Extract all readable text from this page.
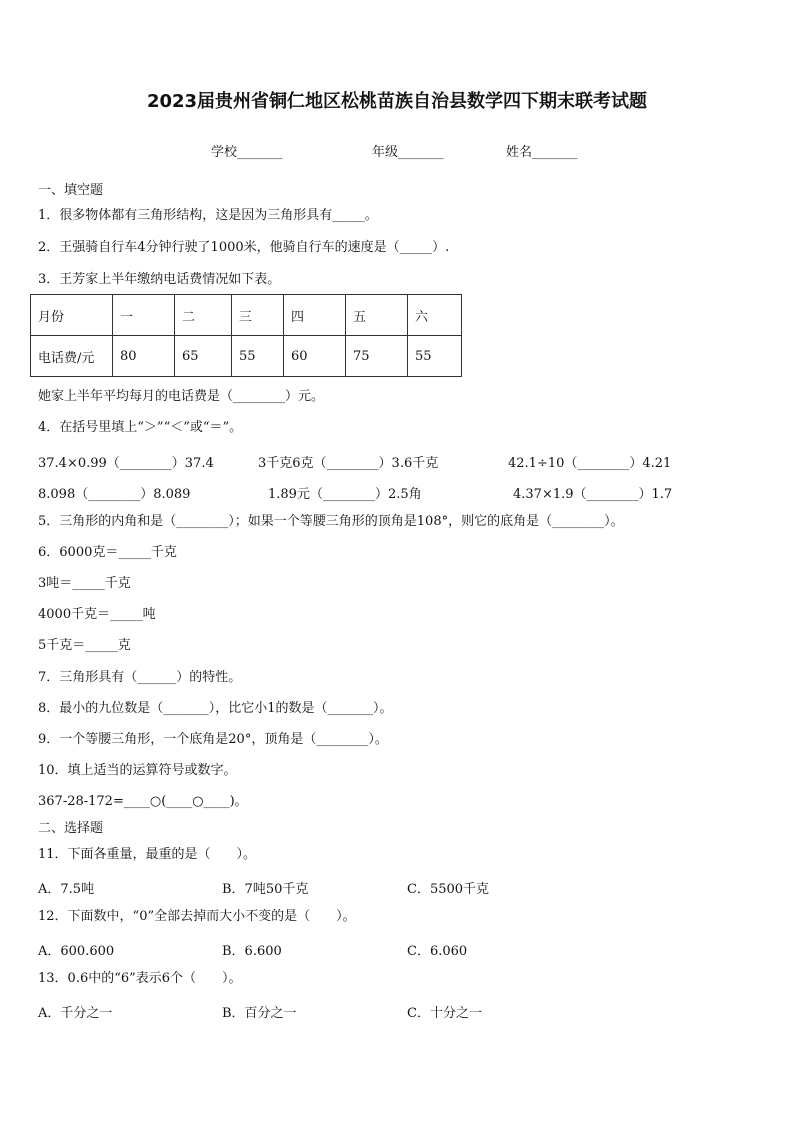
2023届贵州省铜仁地区松桃苗族自治县数学四下期末联考试题
学校_______	年级_______	姓名_______
一、填空题
1．很多物体都有三角形结构，这是因为三角形具有_____。
2．王强骑自行车4分钟行驶了1000米，他骑自行车的速度是（_____）.
3．王芳家上半年缴纳电话费情况如下表。
月份	一	二	三	四	五	六
电话费/元	80	65	55	60	75	55
她家上半年平均每月的电话费是（________）元。
4．在括号里填上“＞”“＜”或“＝”。
37.4×0.99（________）37.4	3千克6克（________）3.6千克	42.1÷10（________）4.21
8.098（________）8.089	1.89元（________）2.5角	4.37×1.9（________）1.7
5．三角形的内角和是（________）；如果一个等腰三角形的顶角是108°，则它的底角是（________）。
6．6000克＝_____千克
3吨＝_____千克
4000千克＝_____吨
5千克＝_____克
7．三角形具有（______）的特性。
8．最小的九位数是（_______），比它小1的数是（_______）。
9．一个等腰三角形，一个底角是20°，顶角是（________）。
10．填上适当的运算符号或数字。
367-28-172=____○(____○____)。
二、选择题
11．下面各重量，最重的是（　　）。
A．7.5吨	B．7吨50千克	C．5500千克
12．下面数中，“0”全部去掉而大小不变的是（　　）。
A．600.600	B．6.600	C．6.060
13．0.6中的“6”表示6个（　　）。
A．千分之一	B．百分之一	C．十分之一
